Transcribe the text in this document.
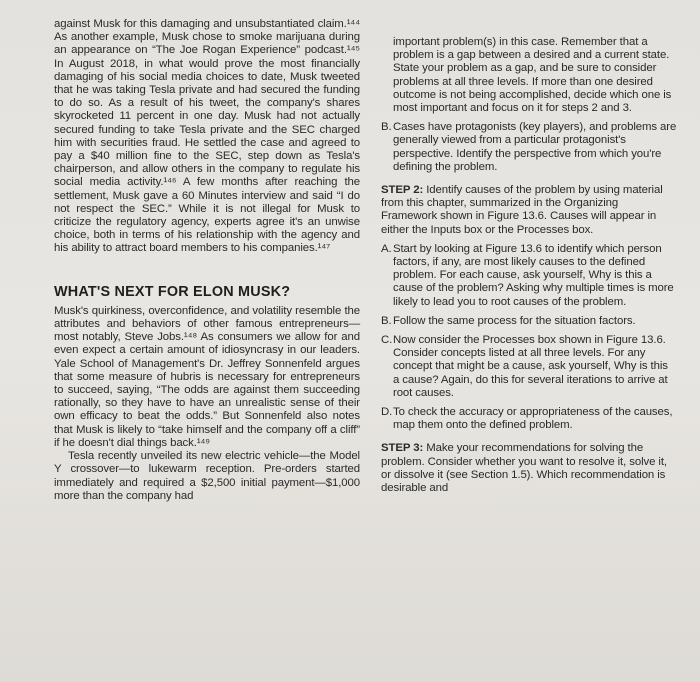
against Musk for this damaging and unsubstantiated claim.¹⁴⁴ As another example, Musk chose to smoke marijuana during an appearance on “The Joe Rogan Experience” podcast.¹⁴⁵ In August 2018, in what would prove the most financially damaging of his social media choices to date, Musk tweeted that he was taking Tesla private and had secured the funding to do so. As a result of his tweet, the company's shares skyrocketed 11 percent in one day. Musk had not actually secured funding to take Tesla private and the SEC charged him with securities fraud. He settled the case and agreed to pay a $40 million fine to the SEC, step down as Tesla's chairperson, and allow others in the company to regulate his social media activity.¹⁴⁶ A few months after reaching the settlement, Musk gave a 60 Minutes interview and said “I do not respect the SEC.” While it is not illegal for Musk to criticize the regulatory agency, experts agree it's an unwise choice, both in terms of his relationship with the agency and his ability to attract board members to his companies.¹⁴⁷

WHAT'S NEXT FOR ELON MUSK?

Musk's quirkiness, overconfidence, and volatility resemble the attributes and behaviors of other famous entrepreneurs—most notably, Steve Jobs.¹⁴⁸ As consumers we allow for and even expect a certain amount of idiosyncrasy in our leaders. Yale School of Management's Dr. Jeffrey Sonnenfeld argues that some measure of hubris is necessary for entrepreneurs to succeed, saying, “The odds are against them succeeding rationally, so they have to have an unrealistic sense of their own efficacy to beat the odds.” But Sonnenfeld also notes that Musk is likely to “take himself and the company off a cliff” if he doesn't dial things back.¹⁴⁹

Tesla recently unveiled its new electric vehicle—the Model Y crossover—to lukewarm reception. Pre-orders started immediately and required a $2,500 initial payment—$1,000 more than the company had

important problem(s) in this case. Remember that a problem is a gap between a desired and a current state. State your problem as a gap, and be sure to consider problems at all three levels. If more than one desired outcome is not being accomplished, decide which one is most important and focus on it for steps 2 and 3.

B. Cases have protagonists (key players), and problems are generally viewed from a particular protagonist's perspective. Identify the perspective from which you're defining the problem.

STEP 2: Identify causes of the problem by using material from this chapter, summarized in the Organizing Framework shown in Figure 13.6. Causes will appear in either the Inputs box or the Processes box.

A. Start by looking at Figure 13.6 to identify which person factors, if any, are most likely causes to the defined problem. For each cause, ask yourself, Why is this a cause of the problem? Asking why multiple times is more likely to lead you to root causes of the problem.
B. Follow the same process for the situation factors.
C. Now consider the Processes box shown in Figure 13.6. Consider concepts listed at all three levels. For any concept that might be a cause, ask yourself, Why is this a cause? Again, do this for several iterations to arrive at root causes.
D. To check the accuracy or appropriateness of the causes, map them onto the defined problem.

STEP 3: Make your recommendations for solving the problem. Consider whether you want to resolve it, solve it, or dissolve it (see Section 1.5). Which recommendation is desirable and
